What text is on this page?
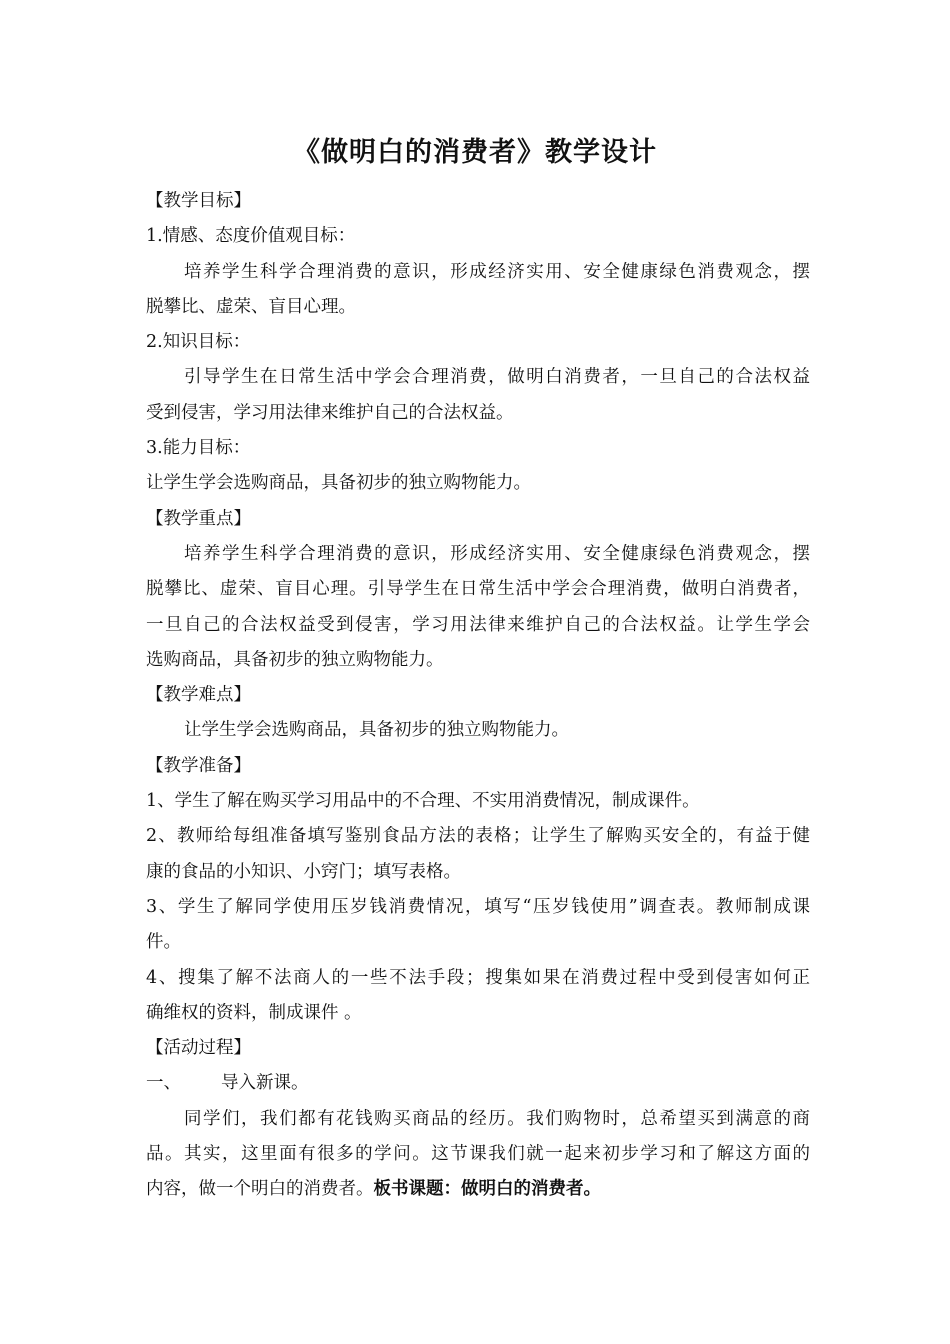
《做明白的消费者》教学设计
【教学目标】
1.情感、态度价值观目标：
培养学生科学合理消费的意识，形成经济实用、安全健康绿色消费观念，摆
脱攀比、虚荣、盲目心理。
2.知识目标：
引导学生在日常生活中学会合理消费，做明白消费者，一旦自己的合法权益
受到侵害，学习用法律来维护自己的合法权益。
3.能力目标：
让学生学会选购商品，具备初步的独立购物能力。
【教学重点】
培养学生科学合理消费的意识，形成经济实用、安全健康绿色消费观念，摆
脱攀比、虚荣、盲目心理。引导学生在日常生活中学会合理消费，做明白消费者，
一旦自己的合法权益受到侵害，学习用法律来维护自己的合法权益。让学生学会
选购商品，具备初步的独立购物能力。
【教学难点】
让学生学会选购商品，具备初步的独立购物能力。
【教学准备】
1、学生了解在购买学习用品中的不合理、不实用消费情况，制成课件。
2、教师给每组准备填写鉴别食品方法的表格；让学生了解购买安全的，有益于健
康的食品的小知识、小窍门；填写表格。
3、学生了解同学使用压岁钱消费情况，填写“压岁钱使用”调查表。教师制成课
件。
4、搜集了解不法商人的一些不法手段；搜集如果在消费过程中受到侵害如何正
确维权的资料，制成课件 。
【活动过程】
一、 导入新课。
同学们，我们都有花钱购买商品的经历。我们购物时，总希望买到满意的商
品。其实，这里面有很多的学问。这节课我们就一起来初步学习和了解这方面的
内容，做一个明白的消费者。板书课题：做明白的消费者。
